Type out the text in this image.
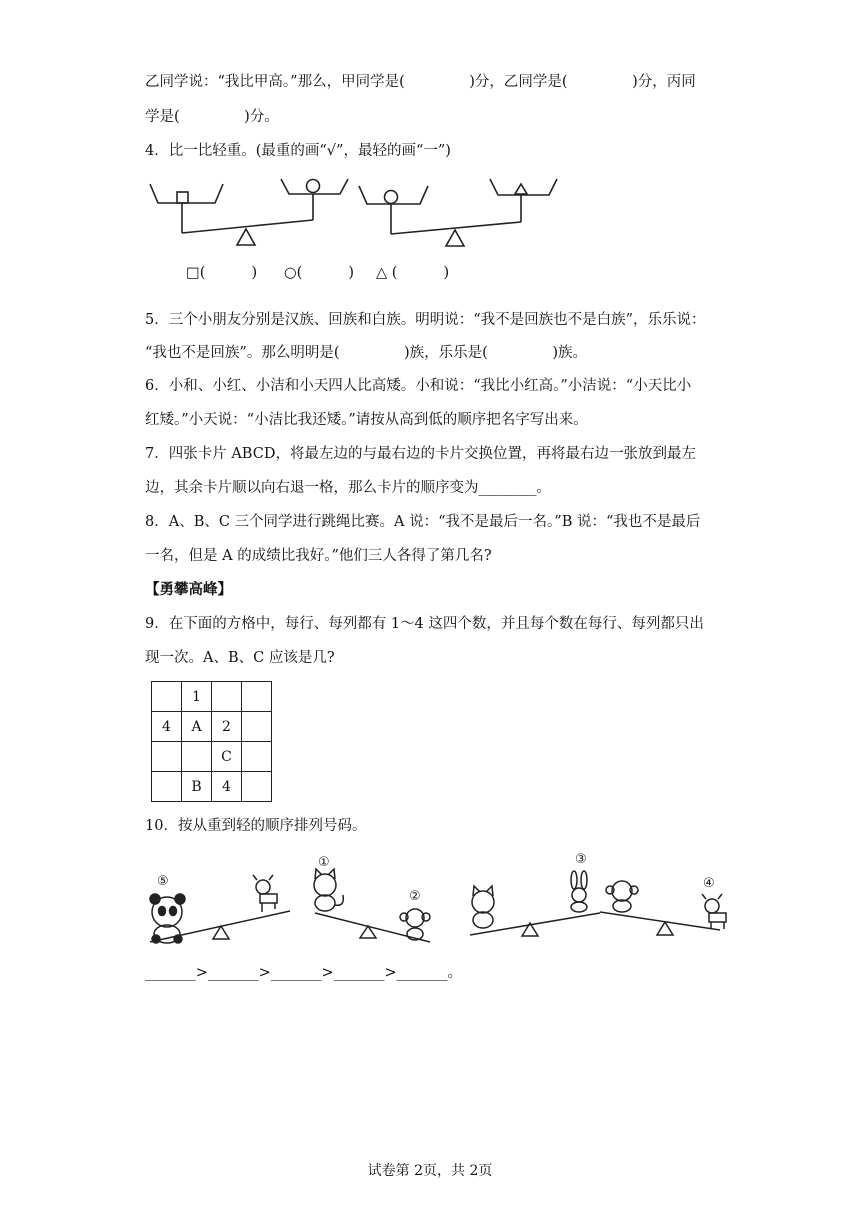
乙同学说：“我比甲高。”那么，甲同学是(              )分，乙同学是(              )分，丙同
学是(              )分。
4．比一比轻重。(最重的画“√”，最轻的画“一”)
□(          ) ○(          ) △ (          )
5．三个小朋友分别是汉族、回族和白族。明明说：“我不是回族也不是白族”，乐乐说：
“我也不是回族”。那么明明是(              )族，乐乐是(              )族。
6．小和、小红、小洁和小天四人比高矮。小和说：“我比小红高。”小洁说：“小天比小
红矮。”小天说：“小洁比我还矮。”请按从高到低的顺序把名字写出来。
7．四张卡片 ABCD，将最左边的与最右边的卡片交换位置，再将最右边一张放到最左
边，其余卡片顺以向右退一格，那么卡片的顺序变为________。
8．A、B、C 三个同学进行跳绳比赛。A 说：“我不是最后一名。”B 说：“我也不是最后
一名，但是 A 的成绩比我好。”他们三人各得了第几名?
【勇攀高峰】
9．在下面的方格中，每行、每列都有 1～4 这四个数，并且每个数在每行、每列都只出
现一次。A、B、C 应该是几?
	1		
4	A	2	
		C	
	B	4	
10．按从重到轻的顺序排列号码。
⑤
①
②
③
④
_______>_______>_______>_______>_______。
试卷第 2页，共 2页
